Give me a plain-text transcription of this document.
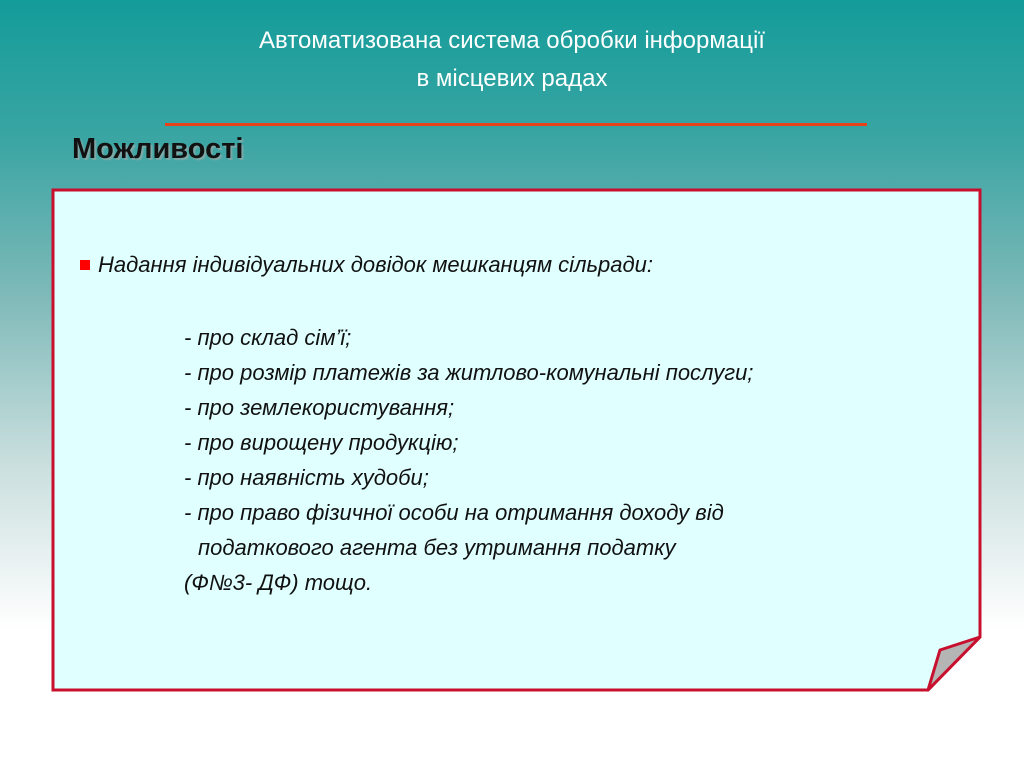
Автоматизована система обробки інформації
в місцевих радах
Можливості
Надання індивідуальних довідок мешканцям сільради:
- про склад сім’ї;
- про розмір платежів за житлово-комунальні послуги;
- про землекористування;
- про вирощену продукцію;
- про наявність худоби;
- про право фізичної особи на отримання доходу від
податкового агента без утримання податку
(Ф№3- ДФ) тощо.
